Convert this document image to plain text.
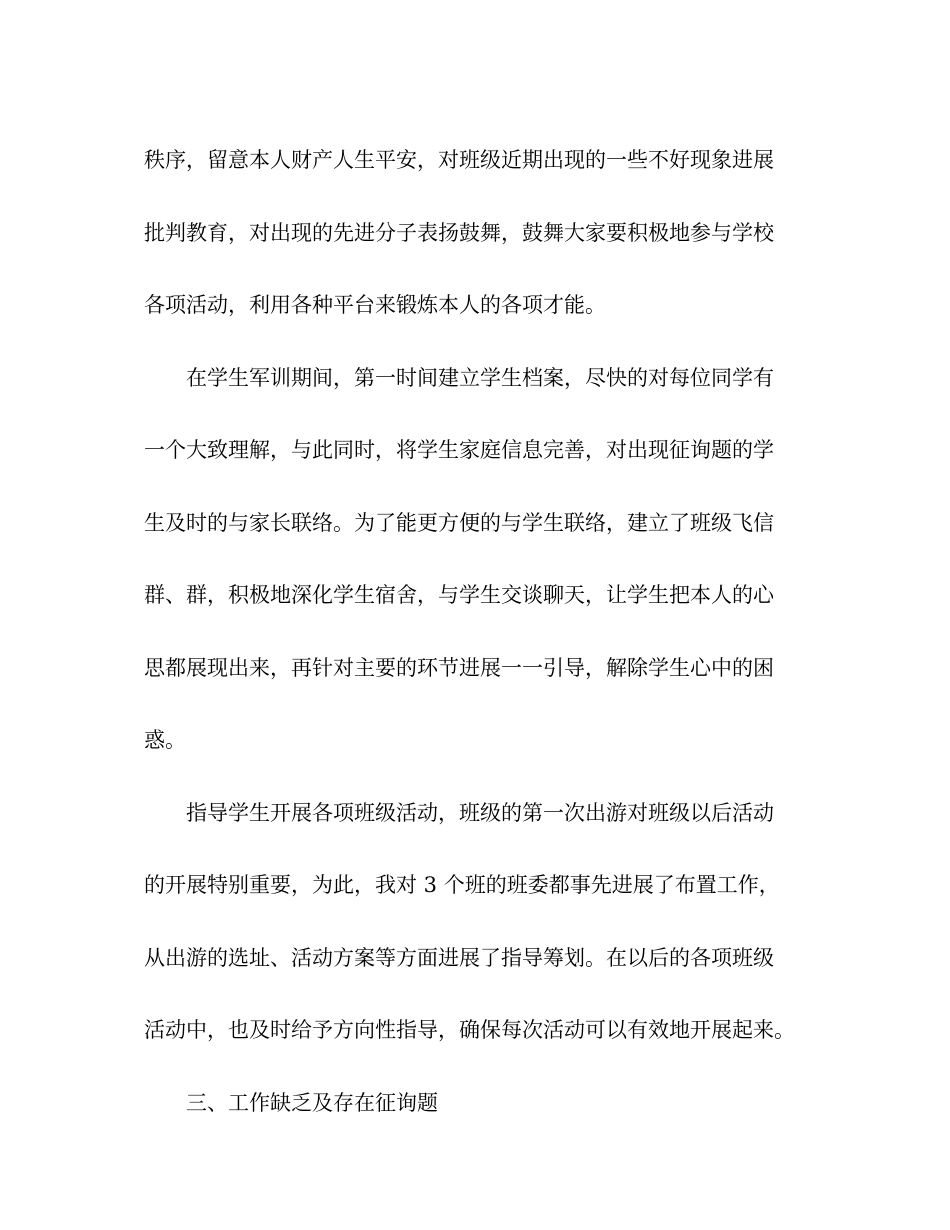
秩序，留意本人财产人生平安，对班级近期出现的一些不好现象进展
批判教育，对出现的先进分子表扬鼓舞，鼓舞大家要积极地参与学校
各项活动，利用各种平台来锻炼本人的各项才能。
在学生军训期间，第一时间建立学生档案，尽快的对每位同学有
一个大致理解，与此同时，将学生家庭信息完善，对出现征询题的学
生及时的与家长联络。为了能更方便的与学生联络，建立了班级飞信
群、群，积极地深化学生宿舍，与学生交谈聊天，让学生把本人的心
思都展现出来，再针对主要的环节进展一一引导，解除学生心中的困
惑。
指导学生开展各项班级活动，班级的第一次出游对班级以后活动
的开展特别重要，为此，我对 3 个班的班委都事先进展了布置工作，
从出游的选址、活动方案等方面进展了指导筹划。在以后的各项班级
活动中，也及时给予方向性指导，确保每次活动可以有效地开展起来。
三、工作缺乏及存在征询题
